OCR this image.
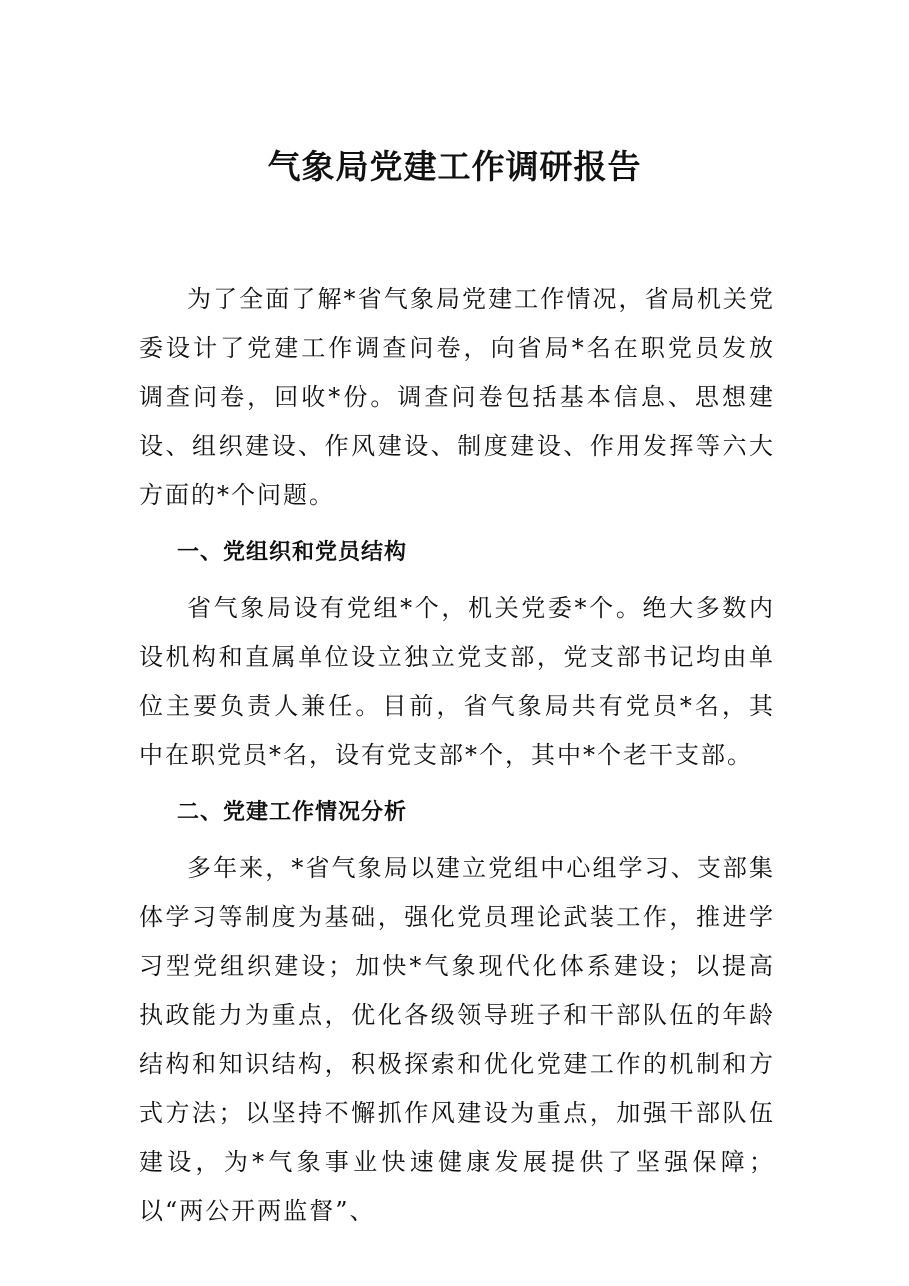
气象局党建工作调研报告

为了全面了解*省气象局党建工作情况，省局机关党委设计了党建工作调查问卷，向省局*名在职党员发放调查问卷，回收*份。调查问卷包括基本信息、思想建设、组织建设、作风建设、制度建设、作用发挥等六大方面的*个问题。

一、党组织和党员结构

省气象局设有党组*个，机关党委*个。绝大多数内设机构和直属单位设立独立党支部，党支部书记均由单位主要负责人兼任。目前，省气象局共有党员*名，其中在职党员*名，设有党支部*个，其中*个老干支部。

二、党建工作情况分析

多年来，*省气象局以建立党组中心组学习、支部集体学习等制度为基础，强化党员理论武装工作，推进学习型党组织建设；加快*气象现代化体系建设；以提高执政能力为重点，优化各级领导班子和干部队伍的年龄结构和知识结构，积极探索和优化党建工作的机制和方式方法；以坚持不懈抓作风建设为重点，加强干部队伍建设，为*气象事业快速健康发展提供了坚强保障；以“两公开两监督”、
